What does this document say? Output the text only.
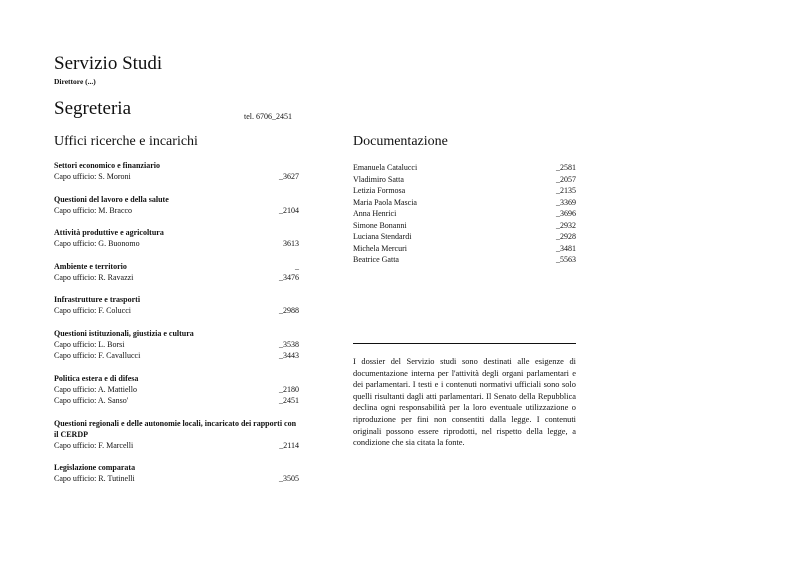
Servizio Studi
Direttore (...)
Segreteria	tel. 6706_2451
Uffici ricerche e incarichi	Documentazione
Settori economico e finanziario
Capo ufficio: S. Moroni	_3627
Questioni del lavoro e della salute
Capo ufficio: M. Bracco	_2104
Attività produttive e agricoltura
Capo ufficio: G. Buonomo	3613
Ambiente e territorio	_
Capo ufficio: R. Ravazzi	_3476
Infrastrutture e trasporti
Capo ufficio: F. Colucci	_2988
Questioni istituzionali, giustizia e cultura
Capo ufficio: L. Borsi	_3538
Capo ufficio: F. Cavallucci	_3443
Politica estera e di difesa
Capo ufficio: A. Mattiello	_2180
Capo ufficio: A. Sanso'	_2451
Questioni regionali e delle autonomie locali, incaricato dei rapporti con il CERDP
Capo ufficio: F. Marcelli	_2114
Legislazione comparata
Capo ufficio: R. Tutinelli	_3505
Emanuela Catalucci	_2581
Vladimiro Satta	_2057
Letizia Formosa	_2135
Maria Paola Mascia	_3369
Anna Henrici	_3696
Simone Bonanni	_2932
Luciana Stendardi	_2928
Michela Mercuri	_3481
Beatrice Gatta	_5563
I dossier del Servizio studi sono destinati alle esigenze di documentazione interna per l'attività degli organi parlamentari e dei parlamentari. I testi e i contenuti normativi ufficiali sono solo quelli risultanti dagli atti parlamentari. Il Senato della Repubblica declina ogni responsabilità per la loro eventuale utilizzazione o riproduzione per fini non consentiti dalla legge. I contenuti originali possono essere riprodotti, nel rispetto della legge, a condizione che sia citata la fonte.
